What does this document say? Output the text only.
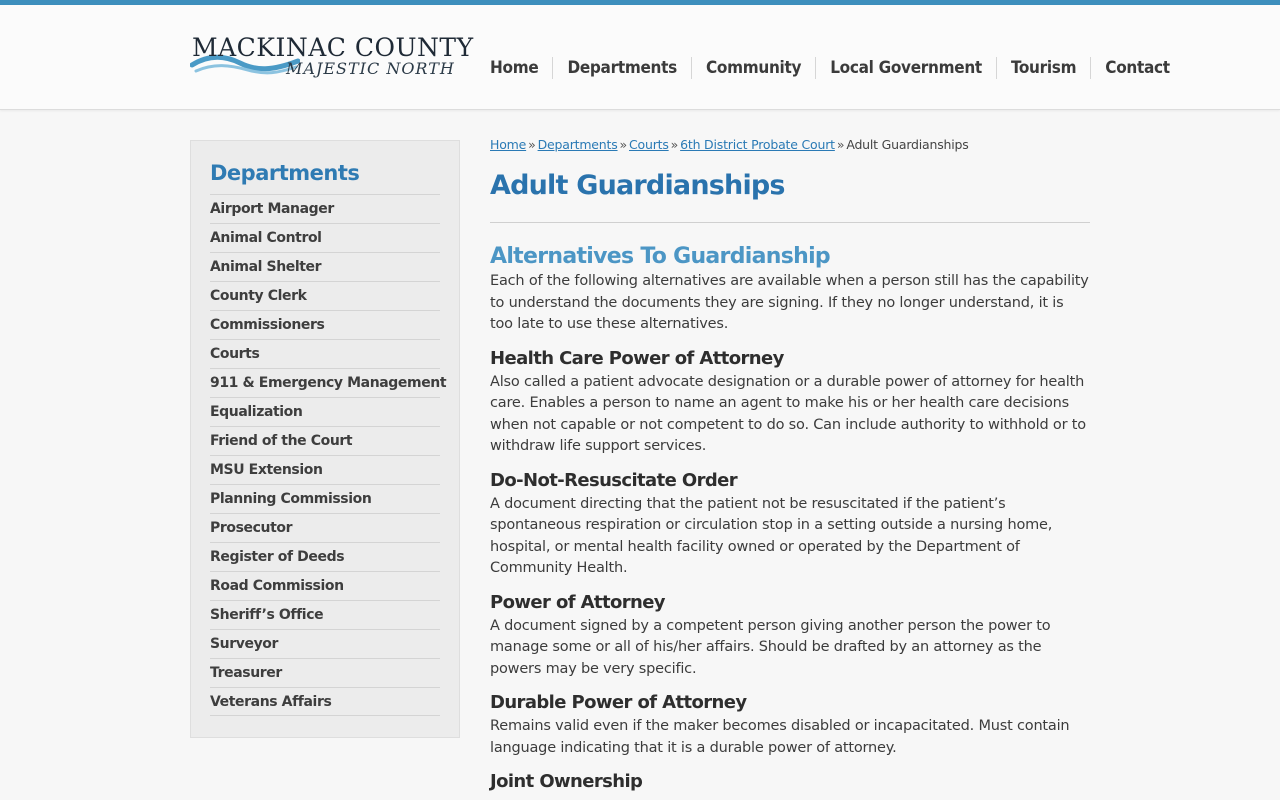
MACKINAC COUNTY
MAJESTIC NORTH	Home	Departments	Community	Local Government	Tourism	Contact
Departments
Airport Manager
Animal Control
Animal Shelter
County Clerk
Commissioners
Courts
911 & Emergency Management
Equalization
Friend of the Court
MSU Extension
Planning Commission
Prosecutor
Register of Deeds
Road Commission
Sheriff’s Office
Surveyor
Treasurer
Veterans Affairs
Home » Departments » Courts » 6th District Probate Court » Adult Guardianships
Adult Guardianships
Alternatives To Guardianship

Each of the following alternatives are available when a person still has the capability to understand the documents they are signing. If they no longer understand, it is too late to use these alternatives.

Health Care Power of Attorney

Also called a patient advocate designation or a durable power of attorney for health care. Enables a person to name an agent to make his or her health care decisions when not capable or not competent to do so. Can include authority to withhold or to withdraw life support services.

Do-Not-Resuscitate Order

A document directing that the patient not be resuscitated if the patient’s spontaneous respiration or circulation stop in a setting outside a nursing home, hospital, or mental health facility owned or operated by the Department of Community Health.

Power of Attorney

A document signed by a competent person giving another person the power to manage some or all of his/her affairs. Should be drafted by an attorney as the powers may be very specific.

Durable Power of Attorney

Remains valid even if the maker becomes disabled or incapacitated. Must contain language indicating that it is a durable power of attorney.

Joint Ownership
